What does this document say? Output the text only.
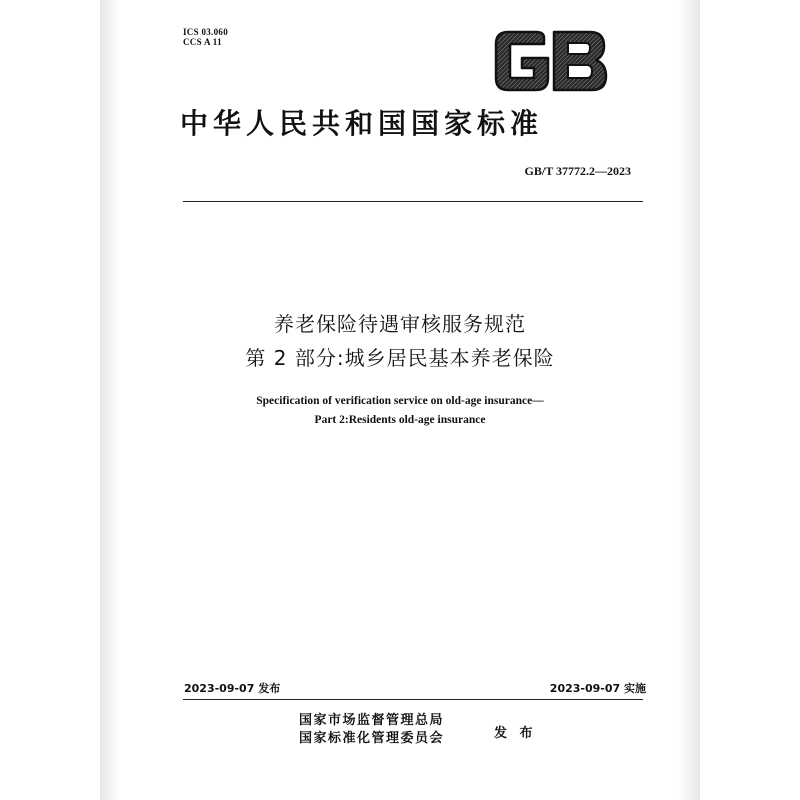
ICS 03.060
CCS A 11
中华人民共和国国家标准
GB/T 37772.2—2023
养老保险待遇审核服务规范
第 2 部分:城乡居民基本养老保险
Specification of verification service on old-age insurance—
Part 2:Residents old-age insurance
2023-09-07 发布	2023-09-07 实施
国家市场监督管理总局
国家标准化管理委员会	发 布
